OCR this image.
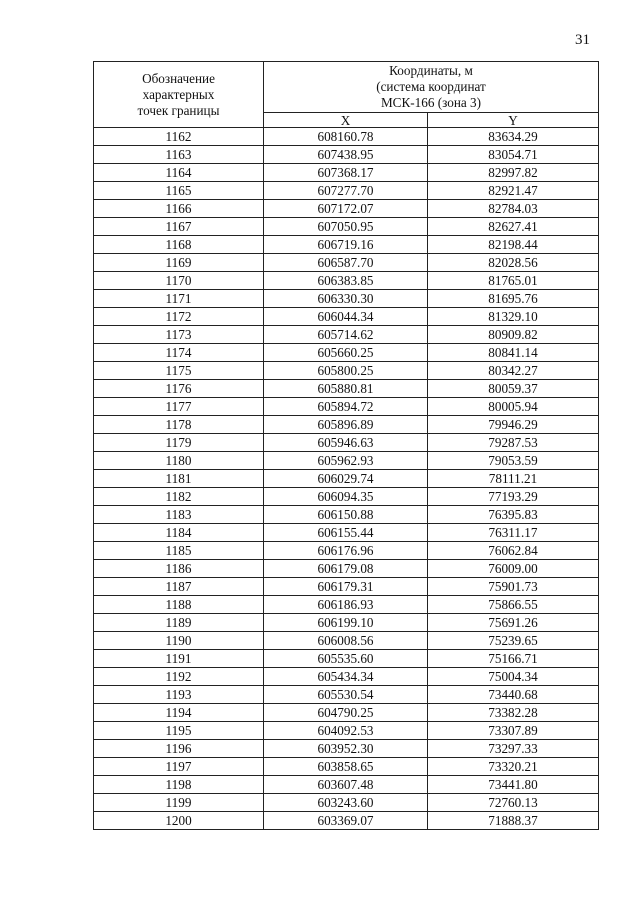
31
Обозначение
характерных
точек границы	Координаты, м
(система координат
МСК-166 (зона 3)	

	X	Y
1162	608160.78	83634.29
1163	607438.95	83054.71
1164	607368.17	82997.82
1165	607277.70	82921.47
1166	607172.07	82784.03
1167	607050.95	82627.41
1168	606719.16	82198.44
1169	606587.70	82028.56
1170	606383.85	81765.01
1171	606330.30	81695.76
1172	606044.34	81329.10
1173	605714.62	80909.82
1174	605660.25	80841.14
1175	605800.25	80342.27
1176	605880.81	80059.37
1177	605894.72	80005.94
1178	605896.89	79946.29
1179	605946.63	79287.53
1180	605962.93	79053.59
1181	606029.74	78111.21
1182	606094.35	77193.29
1183	606150.88	76395.83
1184	606155.44	76311.17
1185	606176.96	76062.84
1186	606179.08	76009.00
1187	606179.31	75901.73
1188	606186.93	75866.55
1189	606199.10	75691.26
1190	606008.56	75239.65
1191	605535.60	75166.71
1192	605434.34	75004.34
1193	605530.54	73440.68
1194	604790.25	73382.28
1195	604092.53	73307.89
1196	603952.30	73297.33
1197	603858.65	73320.21
1198	603607.48	73441.80
1199	603243.60	72760.13
1200	603369.07	71888.37
